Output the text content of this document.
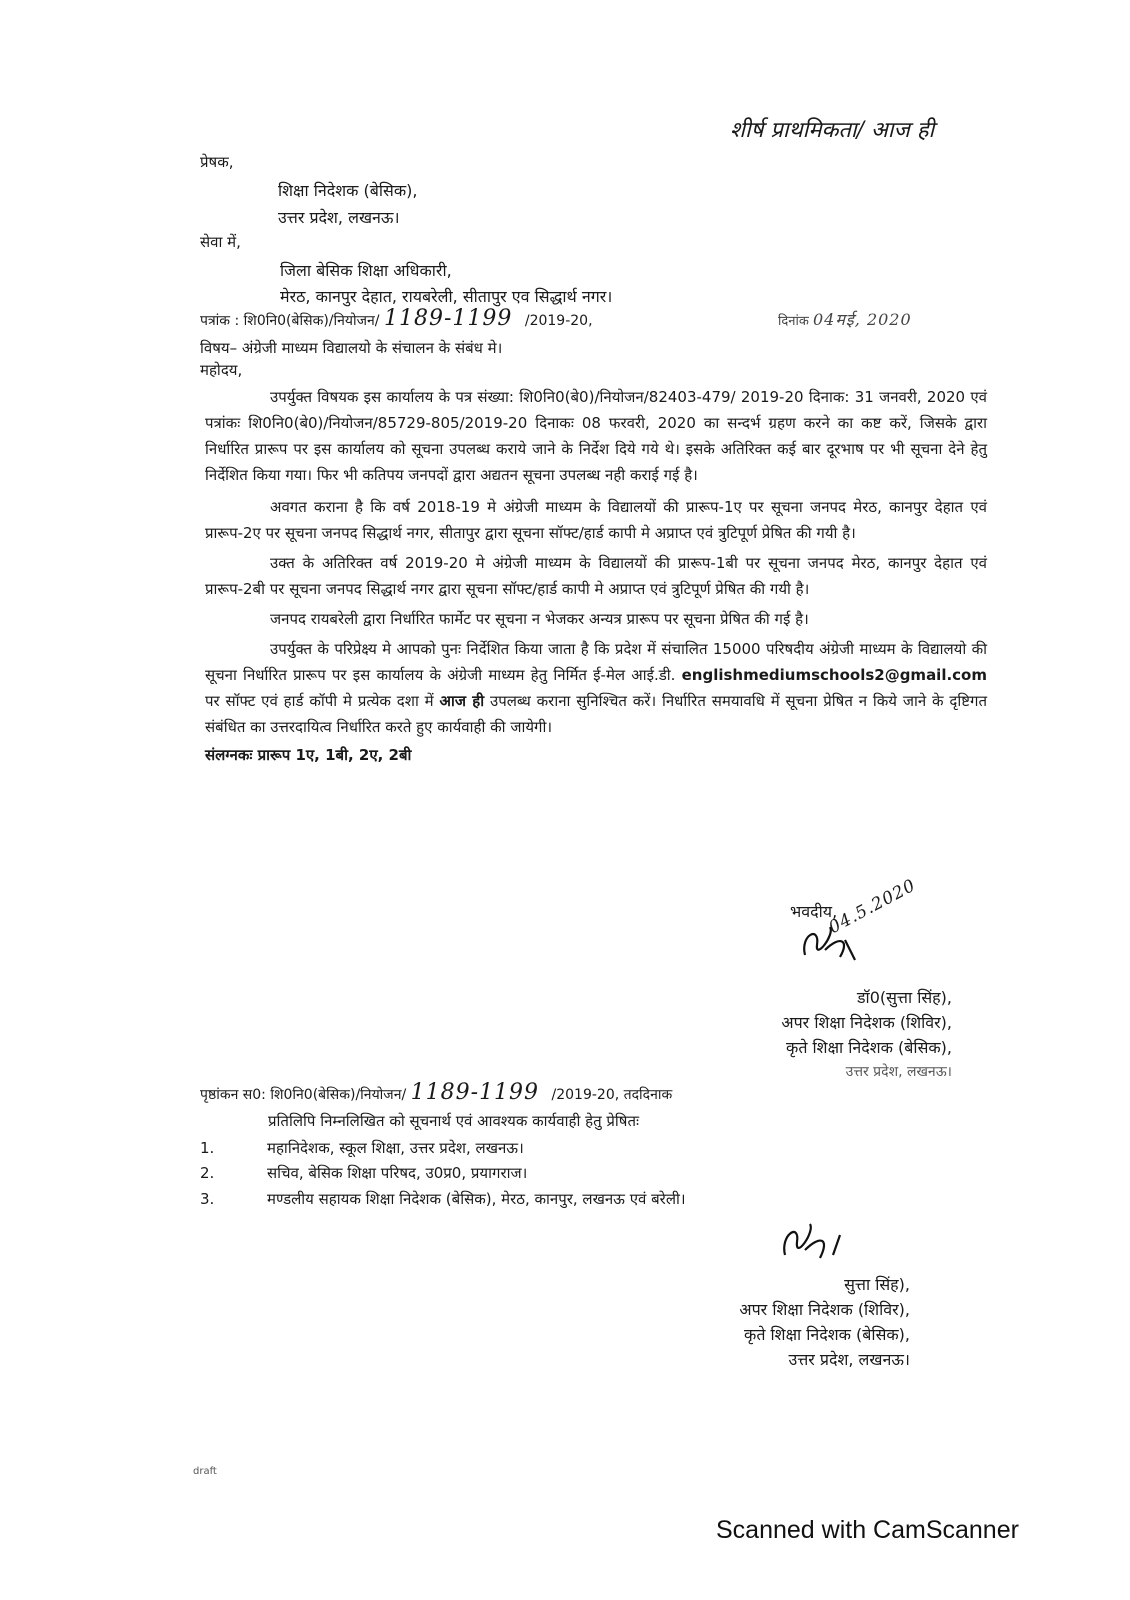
शीर्ष प्राथमिकता/ आज ही
प्रेषक,
शिक्षा निदेशक (बेसिक),
उत्तर प्रदेश, लखनऊ।
सेवा में,
जिला बेसिक शिक्षा अधिकारी,
मेरठ, कानपुर देहात, रायबरेली, सीतापुर एव सिद्धार्थ नगर।
पत्रांक : शि0नि0(बेसिक)/नियोजन/ 1189-1199 /2019-20,	दिनांक 04मई, 2020
विषय– अंग्रेजी माध्यम विद्यालयो के संचालन के संबंध मे।
महोदय,

उपर्युक्त विषयक इस कार्यालय के पत्र संख्या: शि0नि0(बे0)/नियोजन/82403-479/ 2019-20 दिनाक: 31 जनवरी, 2020 एवं पत्रांकः शि0नि0(बे0)/नियोजन/85729-805/2019-20 दिनाकः 08 फरवरी, 2020 का सन्दर्भ ग्रहण करने का कष्ट करें, जिसके द्वारा निर्धारित प्रारूप पर इस कार्यालय को सूचना उपलब्ध कराये जाने के निर्देश दिये गये थे। इसके अतिरिक्त कई बार दूरभाष पर भी सूचना देने हेतु निर्देशित किया गया। फिर भी कतिपय जनपदों द्वारा अद्यतन सूचना उपलब्ध नही कराई गई है।

अवगत कराना है कि वर्ष 2018-19 मे अंग्रेजी माध्यम के विद्यालयों की प्रारूप-1ए पर सूचना जनपद मेरठ, कानपुर देहात एवं प्रारूप-2ए पर सूचना जनपद सिद्धार्थ नगर, सीतापुर द्वारा सूचना सॉफ्ट/हार्ड कापी मे अप्राप्त एवं त्रुटिपूर्ण प्रेषित की गयी है।

उक्त के अतिरिक्त वर्ष 2019-20 मे अंग्रेजी माध्यम के विद्यालयों की प्रारूप-1बी पर सूचना जनपद मेरठ, कानपुर देहात एवं प्रारूप-2बी पर सूचना जनपद सिद्धार्थ नगर द्वारा सूचना सॉफ्ट/हार्ड कापी मे अप्राप्त एवं त्रुटिपूर्ण प्रेषित की गयी है।

जनपद रायबरेली द्वारा निर्धारित फार्मेट पर सूचना न भेजकर अन्यत्र प्रारूप पर सूचना प्रेषित की गई है।

उपर्युक्त के परिप्रेक्ष्य मे आपको पुनः निर्देशित किया जाता है कि प्रदेश में संचालित 15000 परिषदीय अंग्रेजी माध्यम के विद्यालयो की सूचना निर्धारित प्रारूप पर इस कार्यालय के अंग्रेजी माध्यम हेतु निर्मित ई-मेल आई.डी. englishmediumschools2@gmail.com पर सॉफ्ट एवं हार्ड कॉपी मे प्रत्येक दशा में आज ही उपलब्ध कराना सुनिश्चित करें। निर्धारित समयावधि में सूचना प्रेषित न किये जाने के दृष्टिगत संबंधित का उत्तरदायित्व निर्धारित करते हुए कार्यवाही की जायेगी।

संलग्नकः प्रारूप 1ए, 1बी, 2ए, 2बी

भवदीय,
04.5.2020
डॉ0(सुत्ता सिंह),
अपर शिक्षा निदेशक (शिविर),
कृते शिक्षा निदेशक (बेसिक),
उत्तर प्रदेश, लखनऊ।
पृष्ठांकन स0: शि0नि0(बेसिक)/नियोजन/ 1189-1199 /2019-20, तददिनाक
प्रतिलिपि निम्नलिखित को सूचनार्थ एवं आवश्यक कार्यवाही हेतु प्रेषितः
1.	महानिदेशक, स्कूल शिक्षा, उत्तर प्रदेश, लखनऊ।
2.	सचिव, बेसिक शिक्षा परिषद, उ0प्र0, प्रयागराज।
3.	मण्डलीय सहायक शिक्षा निदेशक (बेसिक), मेरठ, कानपुर, लखनऊ एवं बरेली।
सुत्ता सिंह),
अपर शिक्षा निदेशक (शिविर),
कृते शिक्षा निदेशक (बेसिक),
उत्तर प्रदेश, लखनऊ।
draft
Scanned with CamScanner
